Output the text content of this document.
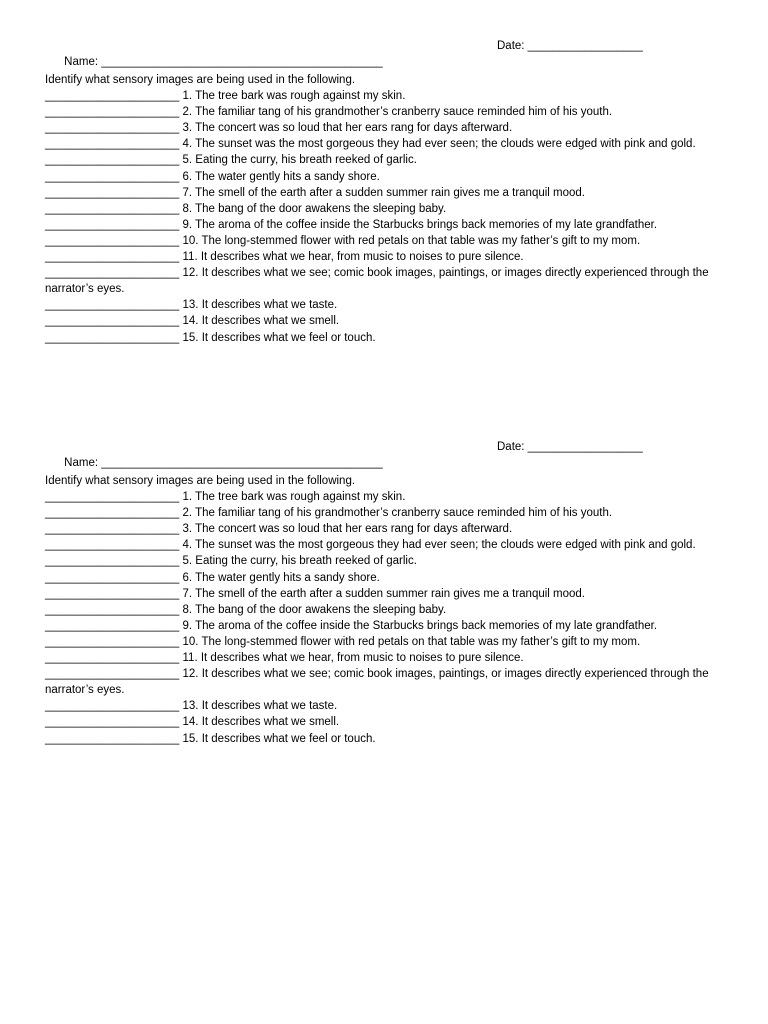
Name: ____________________________________________

Date: __________________

Identify what sensory images are being used in the following.
_____________________ 1. The tree bark was rough against my skin.
_____________________ 2. The familiar tang of his grandmother’s cranberry sauce reminded him of his youth.
_____________________ 3. The concert was so loud that her ears rang for days afterward.
_____________________ 4. The sunset was the most gorgeous they had ever seen; the clouds were edged with pink and gold.
_____________________ 5. Eating the curry, his breath reeked of garlic.
_____________________ 6. The water gently hits a sandy shore.
_____________________ 7. The smell of the earth after a sudden summer rain gives me a tranquil mood.
_____________________ 8. The bang of the door awakens the sleeping baby.
_____________________ 9. The aroma of the coffee inside the Starbucks brings back memories of my late grandfather.
_____________________ 10. The long-stemmed flower with red petals on that table was my father’s gift to my mom.
_____________________ 11. It describes what we hear, from music to noises to pure silence.
_____________________ 12. It describes what we see; comic book images, paintings, or images directly experienced through the narrator’s eyes.
_____________________ 13. It describes what we taste.
_____________________ 14. It describes what we smell.
_____________________ 15. It describes what we feel or touch.

Name: ____________________________________________

Date: __________________

Identify what sensory images are being used in the following.
_____________________ 1. The tree bark was rough against my skin.
_____________________ 2. The familiar tang of his grandmother’s cranberry sauce reminded him of his youth.
_____________________ 3. The concert was so loud that her ears rang for days afterward.
_____________________ 4. The sunset was the most gorgeous they had ever seen; the clouds were edged with pink and gold.
_____________________ 5. Eating the curry, his breath reeked of garlic.
_____________________ 6. The water gently hits a sandy shore.
_____________________ 7. The smell of the earth after a sudden summer rain gives me a tranquil mood.
_____________________ 8. The bang of the door awakens the sleeping baby.
_____________________ 9. The aroma of the coffee inside the Starbucks brings back memories of my late grandfather.
_____________________ 10. The long-stemmed flower with red petals on that table was my father’s gift to my mom.
_____________________ 11. It describes what we hear, from music to noises to pure silence.
_____________________ 12. It describes what we see; comic book images, paintings, or images directly experienced through the narrator’s eyes.
_____________________ 13. It describes what we taste.
_____________________ 14. It describes what we smell.
_____________________ 15. It describes what we feel or touch.
